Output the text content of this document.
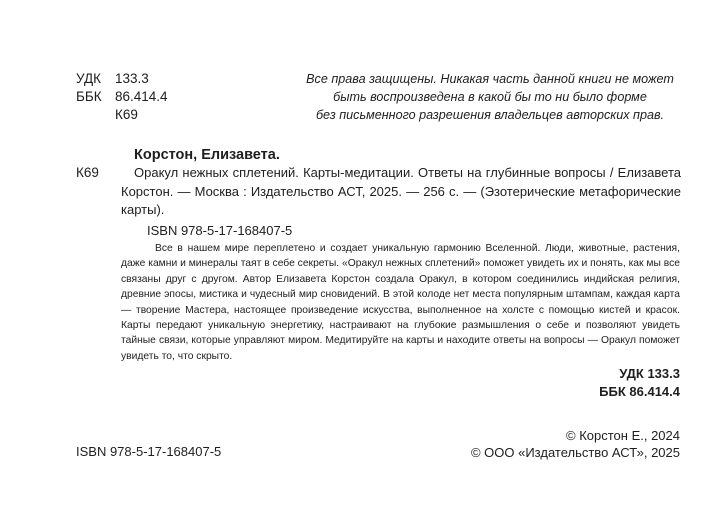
УДК 133.3
ББК 86.414.4
К69
Все права защищены. Никакая часть данной книги не может
быть воспроизведена в какой бы то ни было форме
без письменного разрешения владельцев авторских прав.
Корстон, Елизавета.
К69	Оракул нежных сплетений. Карты-медитации. Ответы на глубинные вопросы / Елизавета Корстон. — Москва : Издательство АСТ, 2025. — 256 с. — (Эзотерические метафорические карты).
ISBN 978-5-17-168407-5
Все в нашем мире переплетено и создает уникальную гармонию Вселенной. Люди, животные, растения, даже камни и минералы таят в себе секреты. «Оракул нежных сплетений» поможет увидеть их и понять, как мы все связаны друг с другом. Автор Елизавета Корстон создала Оракул, в котором соединились индийская религия, древние эпосы, мистика и чудесный мир сновидений. В этой колоде нет места популярным штампам, каждая карта — творение Мастера, настоящее произведение искусства, выполненное на холсте с помощью кистей и красок. Карты передают уникальную энергетику, настраивают на глубокие размышления о себе и позволяют увидеть тайные связи, которые управляют миром. Медитируйте на карты и находите ответы на вопросы — Оракул поможет увидеть то, что скрыто.
УДК 133.3
ББК 86.414.4
© Корстон Е., 2024
ISBN 978-5-17-168407-5	© ООО «Издательство АСТ», 2025
